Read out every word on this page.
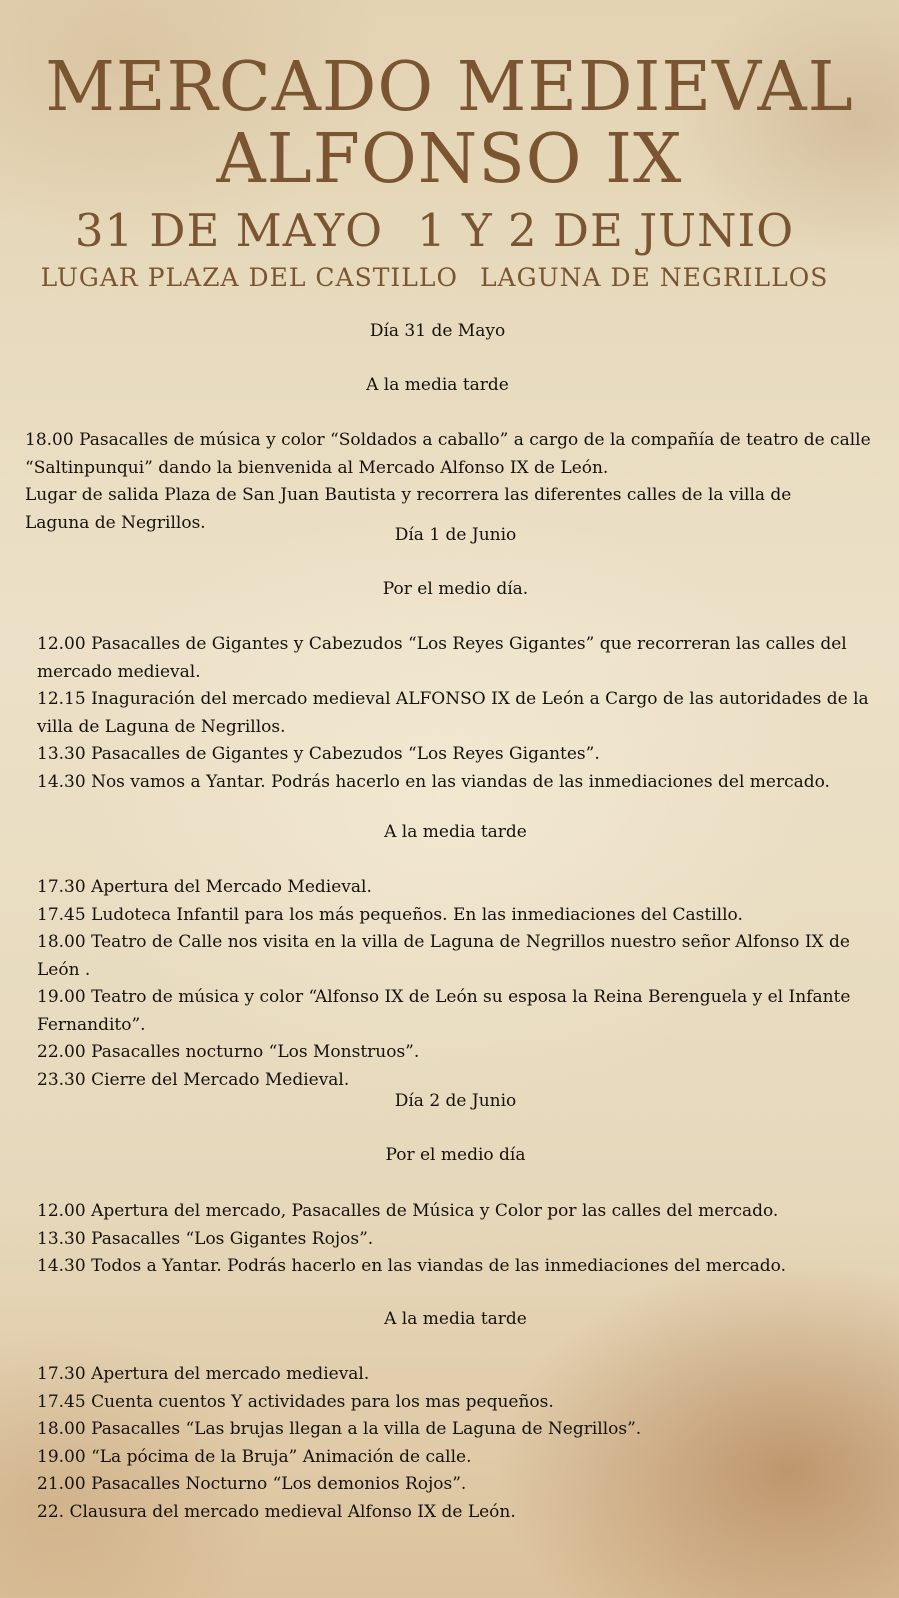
MERCADO MEDIEVAL
ALFONSO IX
31 DE MAYO 1 Y 2 DE JUNIO
LUGAR PLAZA DEL CASTILLO LAGUNA DE NEGRILLOS
Día 31 de Mayo
A la media tarde
18.00 Pasacalles de música y color “Soldados a caballo” a cargo de la compañía de teatro de calle
“Saltinpunqui” dando la bienvenida al Mercado Alfonso IX de León.
Lugar de salida Plaza de San Juan Bautista y recorrera las diferentes calles de la villa de
Laguna de Negrillos.
Día 1 de Junio
Por el medio día.
12.00 Pasacalles de Gigantes y Cabezudos “Los Reyes Gigantes” que recorreran las calles del
mercado medieval.
12.15 Inaguración del mercado medieval ALFONSO IX de León a Cargo de las autoridades de la
villa de Laguna de Negrillos.
13.30 Pasacalles de Gigantes y Cabezudos “Los Reyes Gigantes”.
14.30 Nos vamos a Yantar. Podrás hacerlo en las viandas de las inmediaciones del mercado.
A la media tarde
17.30 Apertura del Mercado Medieval.
17.45 Ludoteca Infantil para los más pequeños. En las inmediaciones del Castillo.
18.00 Teatro de Calle nos visita en la villa de Laguna de Negrillos nuestro señor Alfonso IX de
León .
19.00 Teatro de música y color “Alfonso IX de León su esposa la Reina Berenguela y el Infante
Fernandito”.
22.00 Pasacalles nocturno “Los Monstruos”.
23.30 Cierre del Mercado Medieval.
Día 2 de Junio
Por el medio día
12.00 Apertura del mercado, Pasacalles de Música y Color por las calles del mercado.
13.30 Pasacalles “Los Gigantes Rojos”.
14.30 Todos a Yantar. Podrás hacerlo en las viandas de las inmediaciones del mercado.
A la media tarde
17.30 Apertura del mercado medieval.
17.45 Cuenta cuentos Y actividades para los mas pequeños.
18.00 Pasacalles “Las brujas llegan a la villa de Laguna de Negrillos”.
19.00 “La pócima de la Bruja” Animación de calle.
21.00 Pasacalles Nocturno “Los demonios Rojos”.
22. Clausura del mercado medieval Alfonso IX de León.
